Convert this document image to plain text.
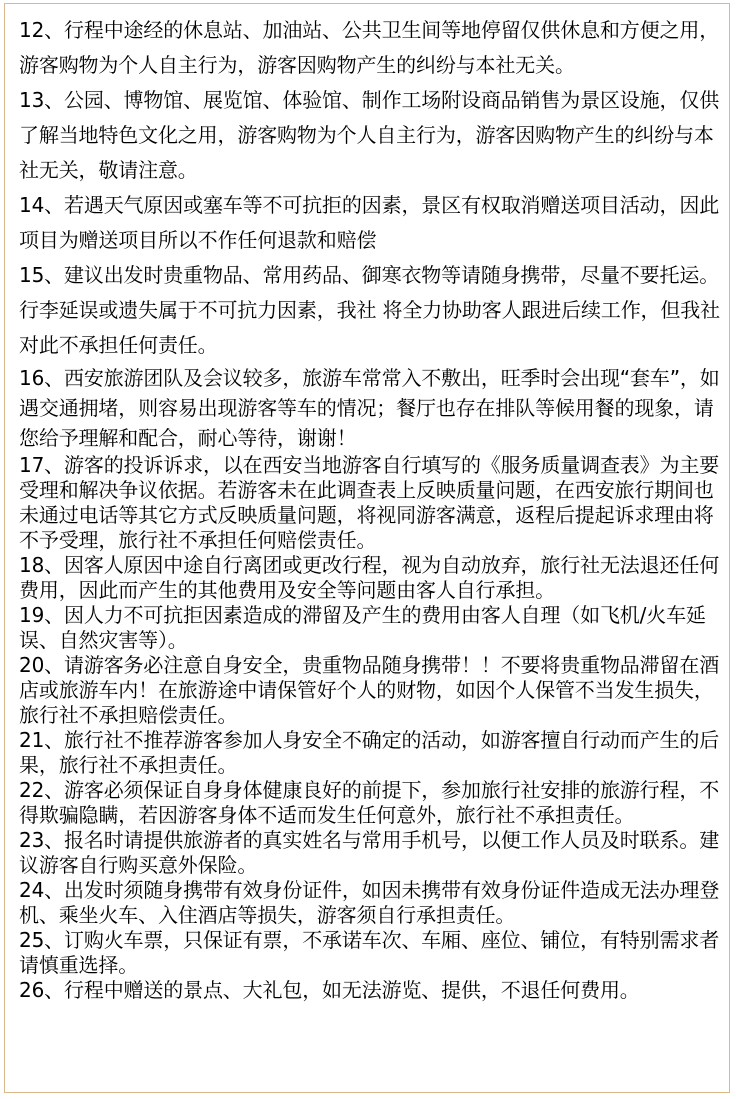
12、行程中途经的休息站、加油站、公共卫生间等地停留仅供休息和方便之用，游客购物为个人自主行为，游客因购物产生的纠纷与本社无关。

13、公园、博物馆、展览馆、体验馆、制作工场附设商品销售为景区设施，仅供了解当地特色文化之用，游客购物为个人自主行为，游客因购物产生的纠纷与本社无关，敬请注意。

14、若遇天气原因或塞车等不可抗拒的因素，景区有权取消赠送项目活动，因此项目为赠送项目所以不作任何退款和赔偿

15、建议出发时贵重物品、常用药品、御寒衣物等请随身携带，尽量不要托运。行李延误或遗失属于不可抗力因素，我社 将全力协助客人跟进后续工作，但我社对此不承担任何责任。

16、西安旅游团队及会议较多，旅游车常常入不敷出，旺季时会出现“套车”，如遇交通拥堵，则容易出现游客等车的情况；餐厅也存在排队等候用餐的现象，请您给予理解和配合，耐心等待，谢谢！

17、游客的投诉诉求，以在西安当地游客自行填写的《服务质量调查表》为主要受理和解决争议依据。若游客未在此调查表上反映质量问题，在西安旅行期间也未通过电话等其它方式反映质量问题，将视同游客满意，返程后提起诉求理由将不予受理，旅行社不承担任何赔偿责任。

18、因客人原因中途自行离团或更改行程，视为自动放弃，旅行社无法退还任何费用，因此而产生的其他费用及安全等问题由客人自行承担。

19、因人力不可抗拒因素造成的滞留及产生的费用由客人自理（如飞机/火车延误、自然灾害等）。

20、请游客务必注意自身安全，贵重物品随身携带！！不要将贵重物品滞留在酒店或旅游车内！在旅游途中请保管好个人的财物，如因个人保管不当发生损失，旅行社不承担赔偿责任。

21、旅行社不推荐游客参加人身安全不确定的活动，如游客擅自行动而产生的后果，旅行社不承担责任。

22、游客必须保证自身身体健康良好的前提下，参加旅行社安排的旅游行程，不得欺骗隐瞒，若因游客身体不适而发生任何意外，旅行社不承担责任。

23、报名时请提供旅游者的真实姓名与常用手机号，以便工作人员及时联系。建议游客自行购买意外保险。

24、出发时须随身携带有效身份证件，如因未携带有效身份证件造成无法办理登机、乘坐火车、入住酒店等损失，游客须自行承担责任。

25、订购火车票，只保证有票，不承诺车次、车厢、座位、铺位，有特别需求者请慎重选择。

26、行程中赠送的景点、大礼包，如无法游览、提供，不退任何费用。
